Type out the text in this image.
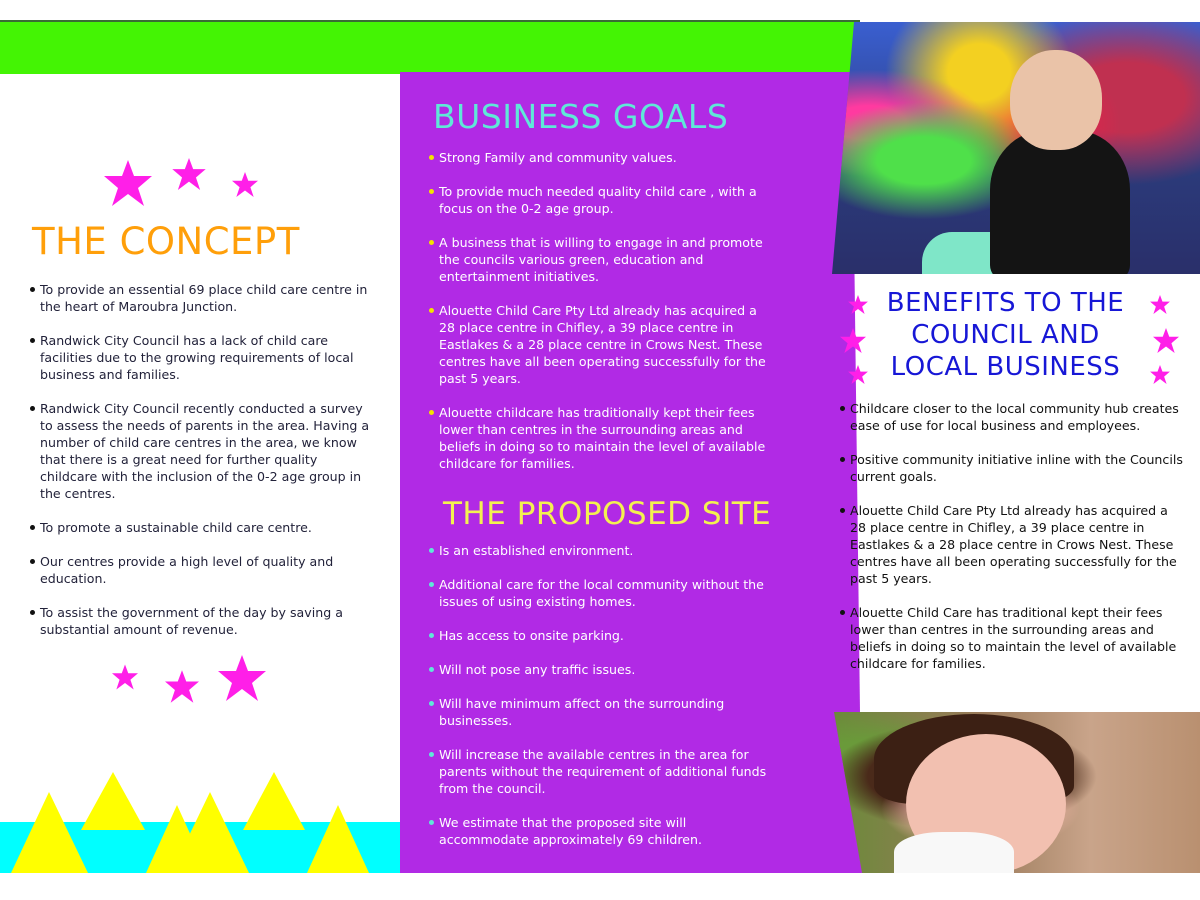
THE CONCEPT
To provide an essential 69 place child care centre in the heart of Maroubra Junction.
Randwick City Council has a lack of child care facilities due to the growing requirements of local business and families.
Randwick City Council recently conducted a survey to assess the needs of parents in the area. Having a number of child care centres in the area, we know that there is a great need for further quality childcare with the inclusion of the 0-2 age group in the centres.
To promote a sustainable child care centre.
Our centres provide a high level of quality and education.
To assist the government of the day by saving a substantial amount of revenue.
BUSINESS GOALS
Strong Family and community values.
To provide much needed quality child care , with a focus on the 0-2 age group.
A business that is willing to engage in and promote the councils various green, education and entertainment initiatives.
Alouette Child Care Pty Ltd already has acquired a 28 place centre in Chifley, a 39 place centre in Eastlakes & a 28 place centre in Crows Nest. These centres have all been operating successfully for the past 5 years.
Alouette childcare has traditionally kept their fees lower than centres in the surrounding areas and beliefs in doing so to maintain the level of available childcare for families.
THE PROPOSED SITE
Is an established environment.
Additional care for the local community without the issues of using existing homes.
Has access to onsite parking.
Will not pose any traffic issues.
Will have minimum affect on the surrounding businesses.
Will increase the available centres in the area for parents without the requirement of additional funds from the council.
We estimate that the proposed site will accommodate approximately 69 children.
BENEFITS TO THE COUNCIL AND LOCAL BUSINESS
Childcare closer to the local community hub creates ease of use for local business and employees.
Positive community initiative inline with the Councils current goals.
Alouette Child Care Pty Ltd already has acquired a 28 place centre in Chifley, a 39 place centre in Eastlakes & a 28 place centre in Crows Nest. These centres have all been operating successfully for the past 5 years.
Alouette Child Care has traditional kept their fees lower than centres in the surrounding areas and beliefs in doing so to maintain the level of available childcare for families.
